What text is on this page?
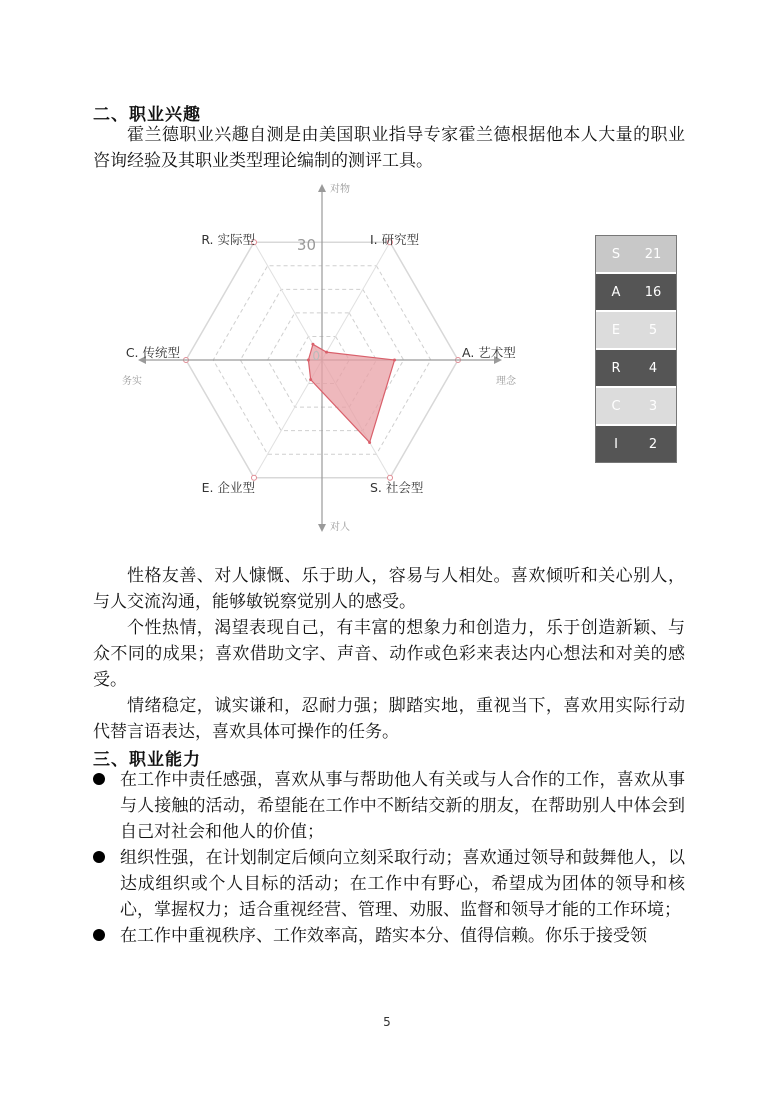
二、职业兴趣

霍兰德职业兴趣自测是由美国职业指导专家霍兰德根据他本人大量的职业咨询经验及其职业类型理论编制的测评工具。

I. 研究型
A. 艺术型
S. 社会型
E. 企业型
C. 传统型
R. 实际型	30
0
对物
对人
务实	理念
S	21
A	16
E	5
R	4
C	3
I	2

性格友善、对人慷慨、乐于助人，容易与人相处。喜欢倾听和关心别人，与人交流沟通，能够敏锐察觉别人的感受。

个性热情，渴望表现自己，有丰富的想象力和创造力，乐于创造新颖、与众不同的成果；喜欢借助文字、声音、动作或色彩来表达内心想法和对美的感受。

情绪稳定，诚实谦和，忍耐力强；脚踏实地，重视当下，喜欢用实际行动代替言语表达，喜欢具体可操作的任务。

三、职业能力
在工作中责任感强，喜欢从事与帮助他人有关或与人合作的工作，喜欢从事与人接触的活动，希望能在工作中不断结交新的朋友，在帮助别人中体会到自己对社会和他人的价值；
组织性强，在计划制定后倾向立刻采取行动；喜欢通过领导和鼓舞他人，以达成组织或个人目标的活动；在工作中有野心，希望成为团体的领导和核心，掌握权力；适合重视经营、管理、劝服、监督和领导才能的工作环境；
在工作中重视秩序、工作效率高，踏实本分、值得信赖。你乐于接受领
5
